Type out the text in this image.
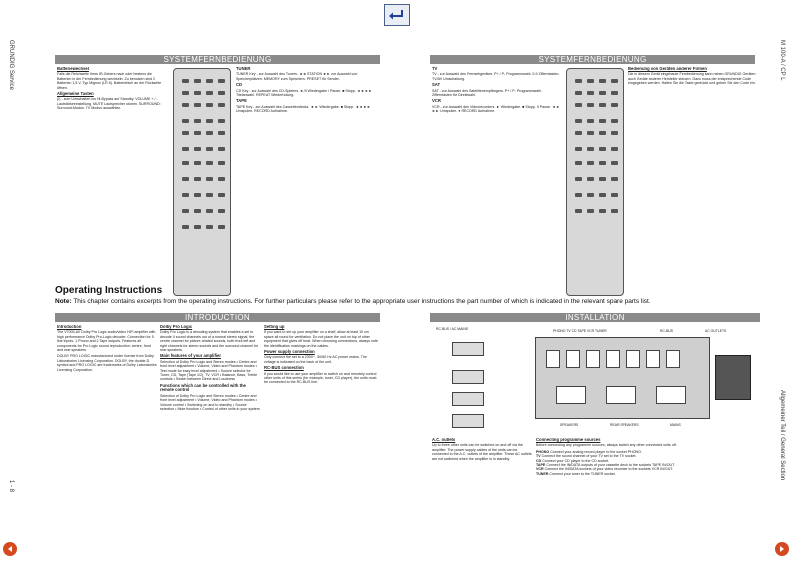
GRUNDIG Service
1 - 8
M 100-A / CP L
Allgemeiner Teil / General Section
SYSTEMFERNBEDIENUNG	SYSTEMFERNBEDIENUNG
Batteriewechsel

Falls die Reichweite Ihres IR-Gebers nach oder bestens die Batterien in der Fernbedienung wechseln. Zu benutzen sind 2 Batterien 1,5 V, Typ Mignon (LR 6). Batteriefach an der Rückseite öffnen.

Allgemeine Tasten

(I) - zum Umschalten ins Hi-Bypass auf Standby. VOLUME + / - Lautstärkeeinstellung. MUTE Lautsprecher stumm. SURROUND: Surround-Modus. TV Modus auswählen.

TUNER

TUNER Key - zur Auswahl des Tuners. ◄◄ STATION ►► zur Auswahl von Speicherplätzen. MEMORY zum Speichern. PRESET für Sender.

CD

CD Key - zur Auswahl des CD-Spielers. ►/II Wiedergabe / Pause. ■ Stopp. ◄◄ ►► Titelanwahl. REPEAT Wiederholung.

TAPE

TAPE Key - zur Auswahl des Cassettendecks. ◄ ► Wiedergabe. ■ Stopp. ◄◄ ►► Umspulen. RECORD Aufnahme.

TV

TV - zur Auswahl des Fernsehgerätes. P+ / P- Programmwahl. 0-9 Zifferntasten. TV/AV Umschaltung.

SAT

SAT - zur Auswahl des Satellitenempfängers. P+ / P- Programmwahl. Zifferntasten für Direktwahl.

VCR

VCR - zur Auswahl des Videorecorders. ► Wiedergabe. ■ Stopp. II Pause. ◄◄ ►► Umspulen. ● RECORD Aufnahme.

Bedienung von Geräten anderer Firmen

Die in diesem Gerät eingebaute Fernbedienung kann neben GRUNDIG Geräten auch Geräte anderer Hersteller steuern. Dazu muss der entsprechende Code eingegeben werden. Halten Sie die Taste gedrückt und geben Sie den Code ein.

Operating Instructions
Note: This chapter contains excerpts from the operating instructions. For further particulars please refer to the appropriate user instructions the part number of which is indicated in the relevant spare parts list.
INTRODUCTION	INSTALLATION
Introduction

The V7000-AV Dolby Pro Logic audio/video HiFi amplifier with high performance Dolby Pro-Logic decoder. Connection for 5 line inputs, 1 Phono and 2 Tape outputs. Features all components for Pro Logic sound reproduction: centre, front and rear speakers.

DOLBY PRO LOGIC manufactured under license from Dolby Laboratories Licensing Corporation. DOLBY, the double-D symbol and PRO LOGIC are trademarks of Dolby Laboratories Licensing Corporation.

Dolby Pro Logic

Dolby Pro Logic is a decoding system that enables a set to decode 4 sound channels out of a normal stereo signal, the centre channel for picture-related sounds, both front left and right channels for stereo sounds and the surround channel for rear speakers.

Main features of your amplifier

Selection of Dolby Pro Logic and Stereo modes • Centre and front level adjustment • Volume, Video and Phantom modes • Test mode for easy level adjustment • Source selector for Tuner, CD, Tape (Tape 1/2), TV, VCR • Balance, Bass, Treble controls • Switch between Direct and Loudness

Functions which can be controlled with the remote control

Selection of Dolby Pro Logic and Stereo modes • Centre and front level adjustment • Volume, Video and Phantom modes • Volume control • Switching on and to standby • Source selection • Mute function • Control of other units in your system

Setting up

If you want to set up your amplifier on a shelf, allow at least 10 cm space all round for ventilation. Do not place the unit on top of other equipment that gives off heat. When choosing connections, always note the identification markings on the cables.

Power supply connection

Only connect the set to a 230V~, 50/60 Hz AC power mains. The voltage is indicated on the back of the unit.

RC-BUS connection

If you would like to use your amplifier to switch on and remotely control other units of this series (for example, tuner, CD player), the units must be connected to the RC-BUS line.

RC-BUS / AC MAINS	PHONO TV CD TAPE VCR TUNER	RC-BUS	AC OUTLETS
SPEAKERS	REAR SPEAKERS	MAINS
A.C. outlets

Up to three other units can be switched on and off via the amplifier. The power supply cables of the units can be connected to the A.C. outlets of the amplifier. These AC outlets are not switched when the amplifier is in standby.

Connecting programme sources

Before connecting any programme sources, always switch any other connected units off.

PHONO Connect your analog record player to the socket PHONO.
TV Connect the sound channel of your TV set to the TV socket.
CD Connect your CD player to the CD socket.
TAPE Connect the IN/DATA outputs of your cassette deck to the sockets TAPE IN/OUT.
VCR Connect the IN/DATA sockets of your video recorder to the sockets VCR IN/OUT.
TUNER Connect your tuner to the TUNER socket.
